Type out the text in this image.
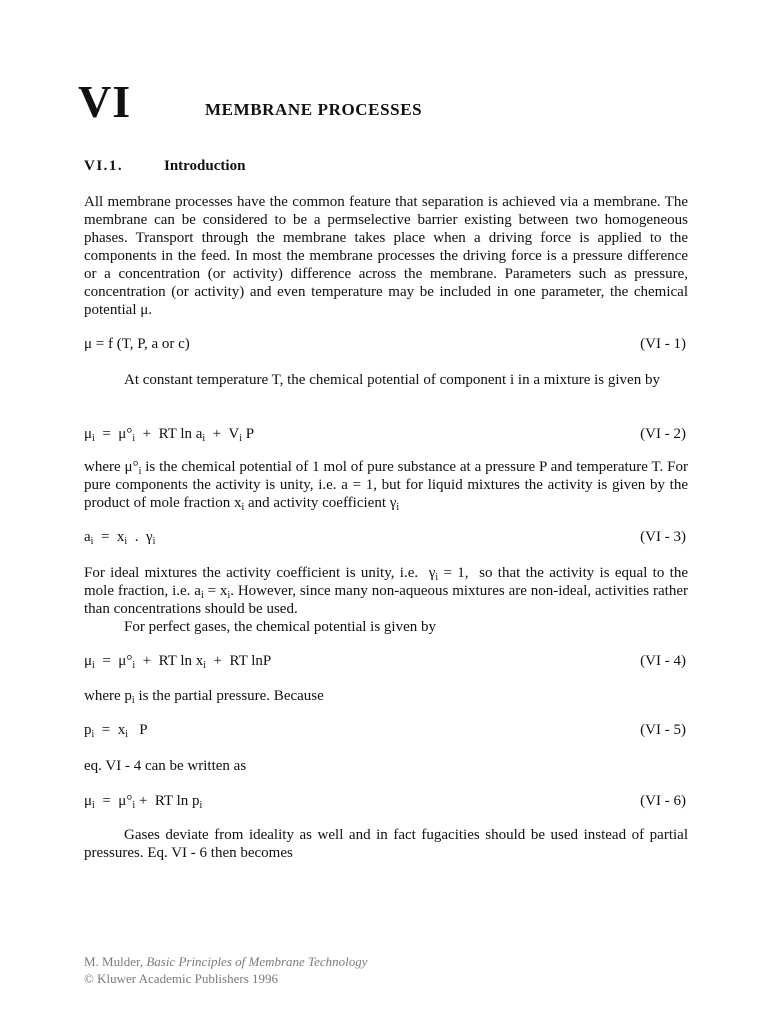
VI	MEMBRANE PROCESSES
VI.1.	Introduction
All membrane processes have the common feature that separation is achieved via a membrane. The membrane can be considered to be a permselective barrier existing between two homogeneous phases. Transport through the membrane takes place when a driving force is applied to the components in the feed. In most the membrane processes the driving force is a pressure difference or a concentration (or activity) difference across the membrane. Parameters such as pressure, concentration (or activity) and even temperature may be included in one parameter, the chemical potential μ.
μ = f (T, P, a or c)	(VI - 1)
At constant temperature T, the chemical potential of component i in a mixture is given by
$\mu_i = \mu^\circ_i$  +  RT $\ln a_i + V_i$ P	(VI - 2)
where $\mu^\circ_i$ is the chemical potential of 1 mol of pure substance at a pressure P and temperature T. For pure components the activity is unity, i.e. a = 1, but for liquid mixtures the activity is given by the product of mole fraction $x_i$ and activity coefficient $\gamma_i$
$a_i = x_i$  .  $\gamma_i$	(VI - 3)
For ideal mixtures the activity coefficient is unity, i.e.  $\gamma_i = 1$,  so that the activity is equal to the mole fraction, i.e. $a_i = x_i$. However, since many non-aqueous mixtures are non-ideal, activities rather than concentrations should be used.
For perfect gases, the chemical potential is given by
$\mu_i = \mu^\circ_i$  +  RT $\ln x_i$  +  RT lnP	(VI - 4)
where $p_i$ is the partial pressure. Because
$p_i = x_i$   P	(VI - 5)
eq. VI - 4 can be written as
$\mu_i = \mu^\circ_i$ +  RT $\ln p_i$	(VI - 6)
Gases deviate from ideality as well and in fact fugacities should be used instead of partial pressures. Eq. VI - 6 then becomes
M. Mulder, Basic Principles of Membrane Technology
© Kluwer Academic Publishers 1996
